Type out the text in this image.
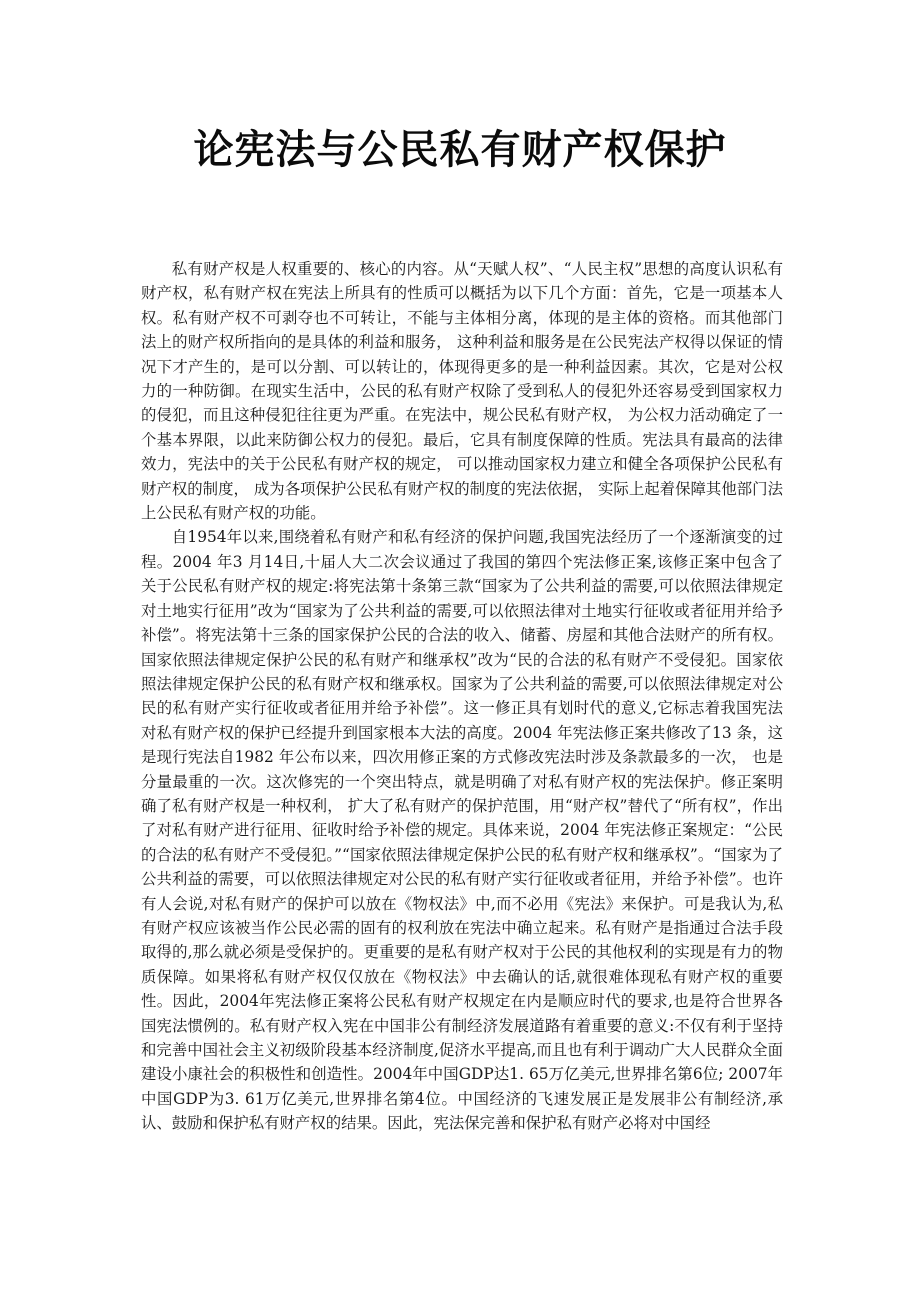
论宪法与公民私有财产权保护

私有财产权是人权重要的、核心的内容。从“天赋人权”、“人民主权”思想的高度认识私有财产权，私有财产权在宪法上所具有的性质可以概括为以下几个方面：首先，它是一项基本人权。私有财产权不可剥夺也不可转让，不能与主体相分离，体现的是主体的资格。而其他部门法上的财产权所指向的是具体的利益和服务， 这种利益和服务是在公民宪法产权得以保证的情况下才产生的，是可以分割、可以转让的，体现得更多的是一种利益因素。其次，它是对公权力的一种防御。在现实生活中，公民的私有财产权除了受到私人的侵犯外还容易受到国家权力的侵犯，而且这种侵犯往往更为严重。在宪法中，规公民私有财产权， 为公权力活动确定了一个基本界限，以此来防御公权力的侵犯。最后，它具有制度保障的性质。宪法具有最高的法律效力，宪法中的关于公民私有财产权的规定， 可以推动国家权力建立和健全各项保护公民私有财产权的制度， 成为各项保护公民私有财产权的制度的宪法依据， 实际上起着保障其他部门法上公民私有财产权的功能。

自1954年以来,围绕着私有财产和私有经济的保护问题,我国宪法经历了一个逐渐演变的过程。2004 年3 月14日,十届人大二次会议通过了我国的第四个宪法修正案,该修正案中包含了关于公民私有财产权的规定:将宪法第十条第三款“国家为了公共利益的需要,可以依照法律规定对土地实行征用”改为“国家为了公共利益的需要,可以依照法律对土地实行征收或者征用并给予补偿”。将宪法第十三条的国家保护公民的合法的收入、储蓄、房屋和其他合法财产的所有权。国家依照法律规定保护公民的私有财产和继承权”改为“民的合法的私有财产不受侵犯。国家依照法律规定保护公民的私有财产权和继承权。国家为了公共利益的需要,可以依照法律规定对公民的私有财产实行征收或者征用并给予补偿”。这一修正具有划时代的意义,它标志着我国宪法对私有财产权的保护已经提升到国家根本大法的高度。2004 年宪法修正案共修改了13 条，这是现行宪法自1982 年公布以来，四次用修正案的方式修改宪法时涉及条款最多的一次， 也是分量最重的一次。这次修宪的一个突出特点，就是明确了对私有财产权的宪法保护。修正案明确了私有财产权是一种权利， 扩大了私有财产的保护范围，用“财产权”替代了“所有权”，作出了对私有财产进行征用、征收时给予补偿的规定。具体来说，2004 年宪法修正案规定：“公民的合法的私有财产不受侵犯。”“国家依照法律规定保护公民的私有财产权和继承权”。“国家为了公共利益的需要，可以依照法律规定对公民的私有财产实行征收或者征用，并给予补偿”。也许有人会说,对私有财产的保护可以放在《物权法》中,而不必用《宪法》来保护。可是我认为,私有财产权应该被当作公民必需的固有的权利放在宪法中确立起来。私有财产是指通过合法手段取得的,那么就必须是受保护的。更重要的是私有财产权对于公民的其他权利的实现是有力的物质保障。如果将私有财产权仅仅放在《物权法》中去确认的话,就很难体现私有财产权的重要性。因此，2004年宪法修正案将公民私有财产权规定在内是顺应时代的要求,也是符合世界各国宪法惯例的。私有财产权入宪在中国非公有制经济发展道路有着重要的意义:不仅有利于坚持和完善中国社会主义初级阶段基本经济制度,促济水平提高,而且也有利于调动广大人民群众全面建设小康社会的积极性和创造性。2004年中国GDP达1. 65万亿美元,世界排名第6位; 2007年中国GDP为3. 61万亿美元,世界排名第4位。中国经济的飞速发展正是发展非公有制经济,承认、鼓励和保护私有财产权的结果。因此，宪法保完善和保护私有财产必将对中国经
